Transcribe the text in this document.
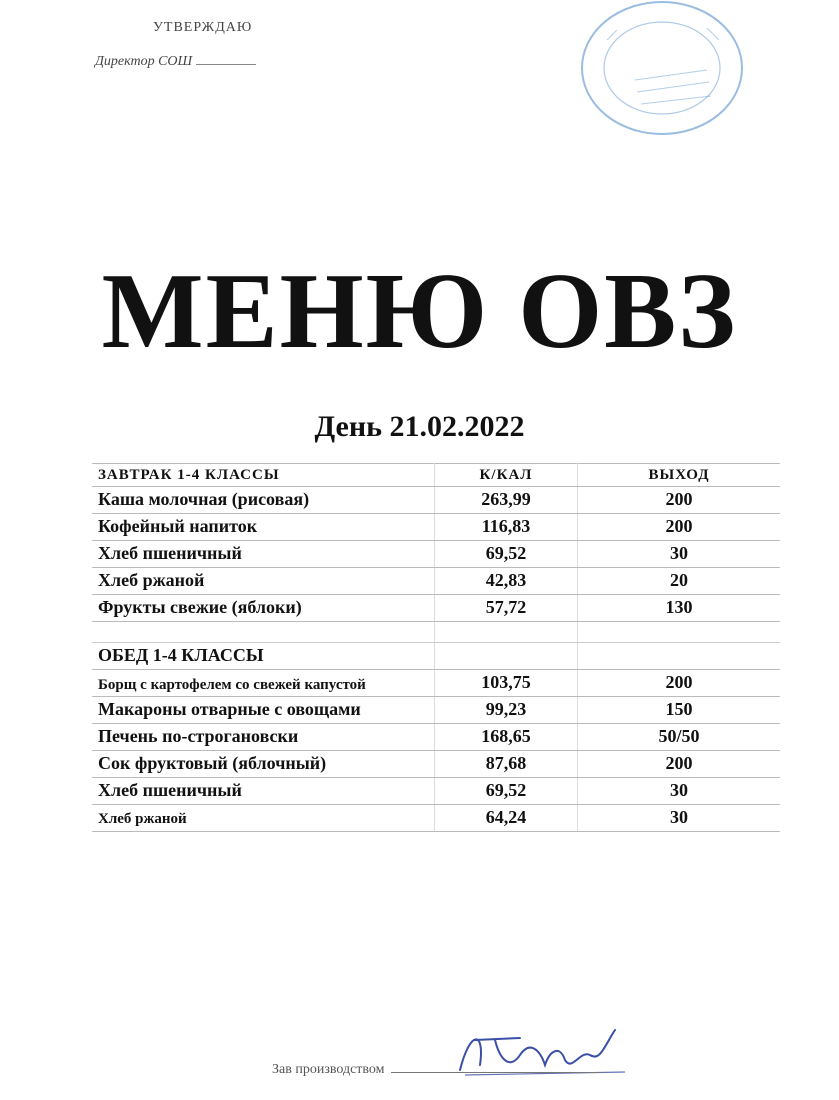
УТВЕРЖДАЮ
Директор СОШ
МЕНЮ ОВЗ
День 21.02.2022
ЗАВТРАК 1-4 КЛАССЫ	К/КАЛ	ВЫХОД
Каша молочная (рисовая)	263,99	200
Кофейный напиток	116,83	200
Хлеб пшеничный	69,52	30
Хлеб ржаной	42,83	20
Фрукты свежие (яблоки)	57,72	130

ОБЕД 1-4 КЛАССЫ		
Борщ с картофелем со свежей капустой	103,75	200
Макароны отварные с овощами	99,23	150
Печень по-строгановски	168,65	50/50
Сок фруктовый (яблочный)	87,68	200
Хлеб пшеничный	69,52	30
Хлеб ржаной	64,24	30
Зав производством
